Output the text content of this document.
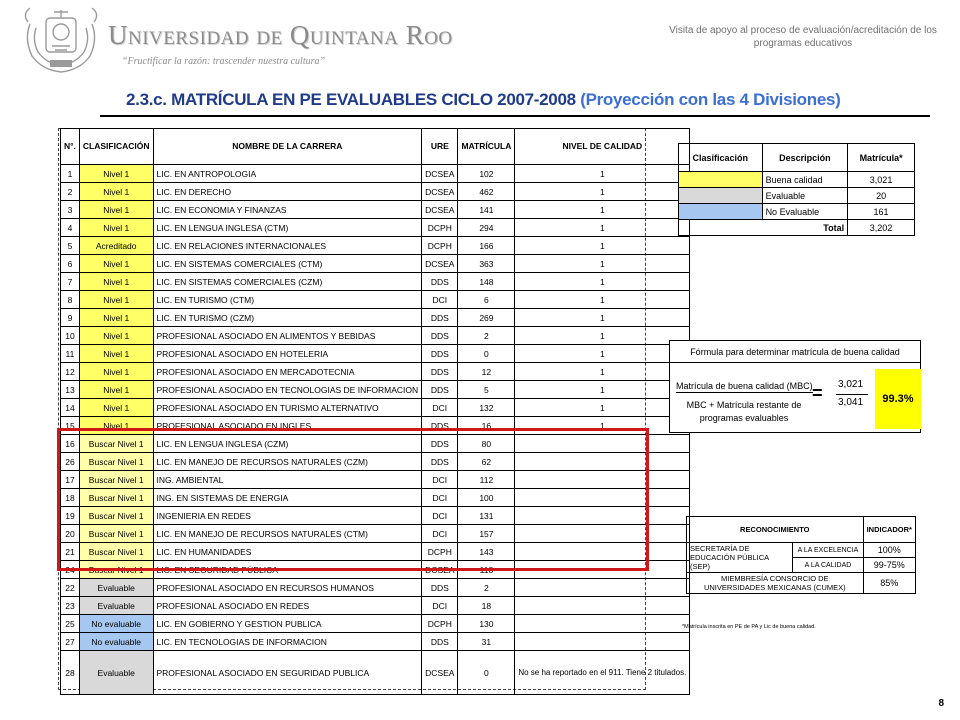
Universidad de Quintana Roo
“Fructificar la razón: trascender nuestra cultura”
Visita de apoyo al proceso de evaluación/acreditación de los programas educativos
2.3.c. MATRÍCULA EN PE EVALUABLES CICLO 2007-2008 (Proyección con las 4 Divisiones)
N°.	CLASIFICACIÓN	NOMBRE DE LA CARRERA	URE	MATRÍCULA	NIVEL DE CALIDAD
1	Nivel 1	LIC. EN ANTROPOLOGIA	DCSEA	102	1
2	Nivel 1	LIC. EN DERECHO	DCSEA	462	1
3	Nivel 1	LIC. EN ECONOMIA Y FINANZAS	DCSEA	141	1
4	Nivel 1	LIC. EN LENGUA INGLESA (CTM)	DCPH	294	1
5	Acreditado	LIC. EN RELACIONES INTERNACIONALES	DCPH	166	1
6	Nivel 1	LIC. EN SISTEMAS COMERCIALES (CTM)	DCSEA	363	1
7	Nivel 1	LIC. EN SISTEMAS COMERCIALES (CZM)	DDS	148	1
8	Nivel 1	LIC. EN TURISMO (CTM)	DCI	6	1
9	Nivel 1	LIC. EN TURISMO (CZM)	DDS	269	1
10	Nivel 1	PROFESIONAL ASOCIADO EN ALIMENTOS Y BEBIDAS	DDS	2	1
11	Nivel 1	PROFESIONAL ASOCIADO EN HOTELERIA	DDS	0	1
12	Nivel 1	PROFESIONAL ASOCIADO EN MERCADOTECNIA	DDS	12	1
13	Nivel 1	PROFESIONAL ASOCIADO EN TECNOLOGIAS DE INFORMACION	DDS	5	1
14	Nivel 1	PROFESIONAL ASOCIADO EN TURISMO ALTERNATIVO	DCI	132	1
15	Nivel 1	PROFESIONAL ASOCIADO EN INGLES	DDS	16	1
16	Buscar Nivel 1	LIC. EN LENGUA INGLESA (CZM)	DDS	80	
26	Buscar Nivel 1	LIC. EN MANEJO DE RECURSOS NATURALES (CZM)	DDS	62	
17	Buscar Nivel 1	ING. AMBIENTAL	DCI	112	
18	Buscar Nivel 1	ING. EN SISTEMAS DE ENERGIA	DCI	100	
19	Buscar Nivel 1	INGENIERIA EN REDES	DCI	131	
20	Buscar Nivel 1	LIC. EN MANEJO DE RECURSOS NATURALES (CTM)	DCI	157	
21	Buscar Nivel 1	LIC. EN HUMANIDADES	DCPH	143	
24	Buscar Nivel 1	LIC. EN SEGURIDAD PÚBLICA	DCSEA	118	
22	Evaluable	PROFESIONAL ASOCIADO EN RECURSOS HUMANOS	DDS	2	
23	Evaluable	PROFESIONAL ASOCIADO EN REDES	DCI	18	
25	No evaluable	LIC. EN GOBIERNO Y GESTION PUBLICA	DCPH	130	
27	No evaluable	LIC. EN TECNOLOGIAS DE INFORMACION	DDS	31	
28	Evaluable	PROFESIONAL ASOCIADO EN SEGURIDAD PUBLICA	DCSEA	0	No se ha reportado en el 911. Tiene 2 titulados.
Clasificación	Descripción	Matrícula*
	Buena calidad	3,021
	Evaluable	20
	No Evaluable	161
Total		3,202
Fórmula para determinar matrícula de buena calidad
Matrícula de buena calidad (MBC)
MBC + Matrícula restante de programas evaluables
= 3,021
3,041	99.3%
RECONOCIMIENTO		INDICADOR*
SECRETARÍA DE EDUCACIÓN PÚBLICA (SEP)	A LA EXCELENCIA	100%
	A LA CALIDAD	99-75%
MIEMBRESÍA CONSORCIO DE UNIVERSIDADES MEXICANAS (CUMEX)		85%
*Matrícula inscrita en PE de PA y Lic de buena calidad.
8
